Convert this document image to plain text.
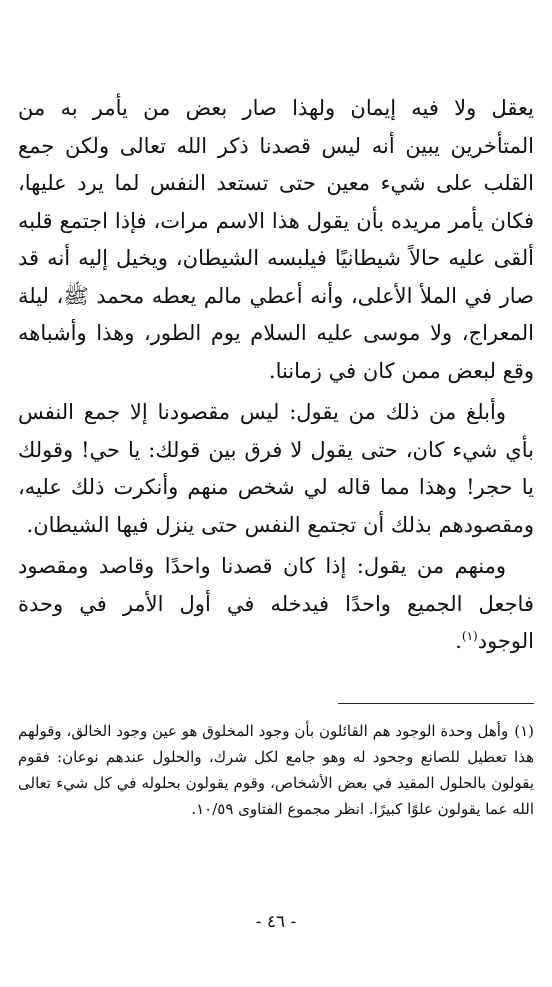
يعقل ولا فيه إيمان ولهذا صار بعض من يأمر به من المتأخرين يبين أنه ليس قصدنا ذكر الله تعالى ولكن جمع القلب على شيء معين حتى تستعد النفس لما يرد عليها، فكان يأمر مريده بأن يقول هذا الاسم مرات، فإذا اجتمع قلبه ألقى عليه حالاً شيطانيًا فيلبسه الشيطان، ويخيل إليه أنه قد صار في الملأ الأعلى، وأنه أعطي مالم يعطه محمد ﷺ، ليلة المعراج، ولا موسى عليه السلام يوم الطور، وهذا وأشباهه وقع لبعض ممن كان في زماننا.

وأبلغ من ذلك من يقول: ليس مقصودنا إلا جمع النفس بأي شيء كان، حتى يقول لا فرق بين قولك: يا حي! وقولك يا حجر! وهذا مما قاله لي شخص منهم وأنكرت ذلك عليه، ومقصودهم بذلك أن تجتمع النفس حتى ينزل فيها الشيطان.

ومنهم من يقول: إذا كان قصدنا واحدًا وقاصد ومقصود فاجعل الجميع واحدًا فيدخله في أول الأمر في وحدة الوجود$^{(١)}$.

(١)وأهل وحدة الوجود هم القائلون بأن وجود المخلوق هو عين وجود الخالق، وقولهم هذا تعطيل للصانع وجحود له وهو جامع لكل شرك، والحلول عندهم نوعان: فقوم يقولون بالحلول المقيد في بعض الأشخاص، وقوم يقولون بحلوله في كل شيء تعالى الله عما يقولون علوًا كبيرًا. انظر مجموع الفتاوى ١٠/٥٩.
- ٤٦ -
